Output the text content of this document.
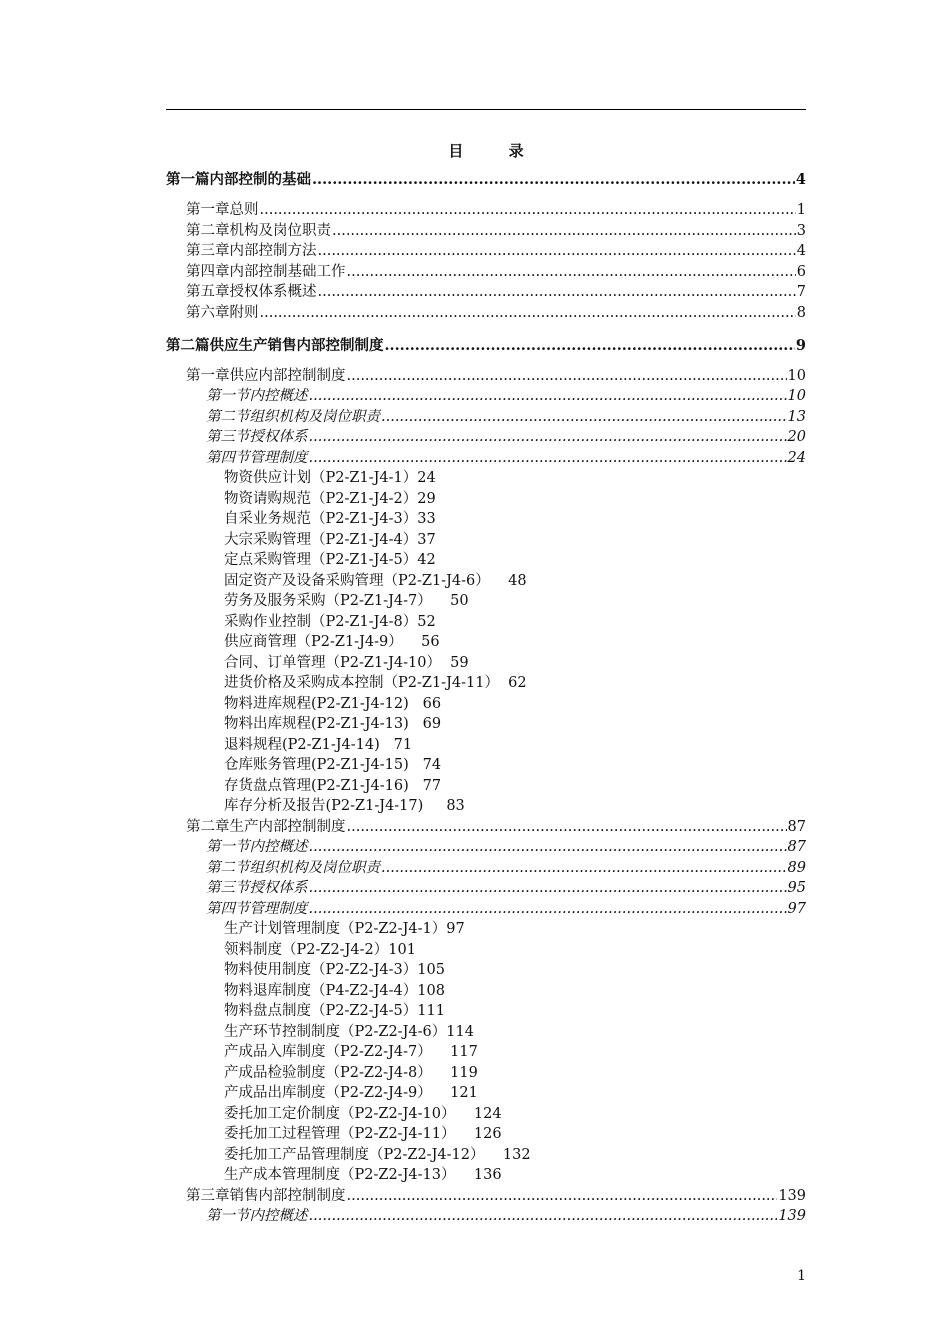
目 录
第一篇 内部控制的基础 .....	4
第一章 总则 .....	1
第二章 机构及岗位职责 .....	3
第三章 内部控制方法 .....	4
第四章 内部控制基础工作 .....	6
第五章 授权体系概述 .....	7
第六章 附则 .....	8
第二篇 供应生产销售内部控制制度 .....	9
第一章 供应内部控制制度 .....	10
第一节 内控概述 .....	10
第二节 组织机构及岗位职责 .....	13
第三节 授权体系 .....	20
第四节 管理制度 .....	24
物资供应计划（P2-Z1-J4-1）24
物资请购规范（P2-Z1-J4-2）29
自采业务规范（P2-Z1-J4-3）33
大宗采购管理（P2-Z1-J4-4）37
定点采购管理（P2-Z1-J4-5）42
固定资产及设备采购管理（P2-Z1-J4-6）    48
劳务及服务采购（P2-Z1-J4-7）    50
采购作业控制（P2-Z1-J4-8）52
供应商管理（P2-Z1-J4-9）    56
合同、订单管理（P2-Z1-J4-10）  59
进货价格及采购成本控制（P2-Z1-J4-11）  62
物料进库规程(P2-Z1-J4-12)   66
物料出库规程(P2-Z1-J4-13)   69
退料规程(P2-Z1-J4-14)   71
仓库账务管理(P2-Z1-J4-15)   74
存货盘点管理(P2-Z1-J4-16)   77
库存分析及报告(P2-Z1-J4-17)     83
第二章 生产内部控制制度 .....	87
第一节 内控概述 .....	87
第二节 组织机构及岗位职责 .....	89
第三节 授权体系 .....	95
第四节 管理制度 .....	97
生产计划管理制度（P2-Z2-J4-1）97
领料制度（P2-Z2-J4-2）101
物料使用制度（P2-Z2-J4-3）105
物料退库制度（P4-Z2-J4-4）108
物料盘点制度（P2-Z2-J4-5）111
生产环节控制制度（P2-Z2-J4-6）114
产成品入库制度（P2-Z2-J4-7）    117
产成品检验制度（P2-Z2-J4-8）    119
产成品出库制度（P2-Z2-J4-9）    121
委托加工定价制度（P2-Z2-J4-10）    124
委托加工过程管理（P2-Z2-J4-11）    126
委托加工产品管理制度（P2-Z2-J4-12）    132
生产成本管理制度（P2-Z2-J4-13）    136
第三章 销售内部控制制度 .....	139
第一节 内控概述 .....	139
1
